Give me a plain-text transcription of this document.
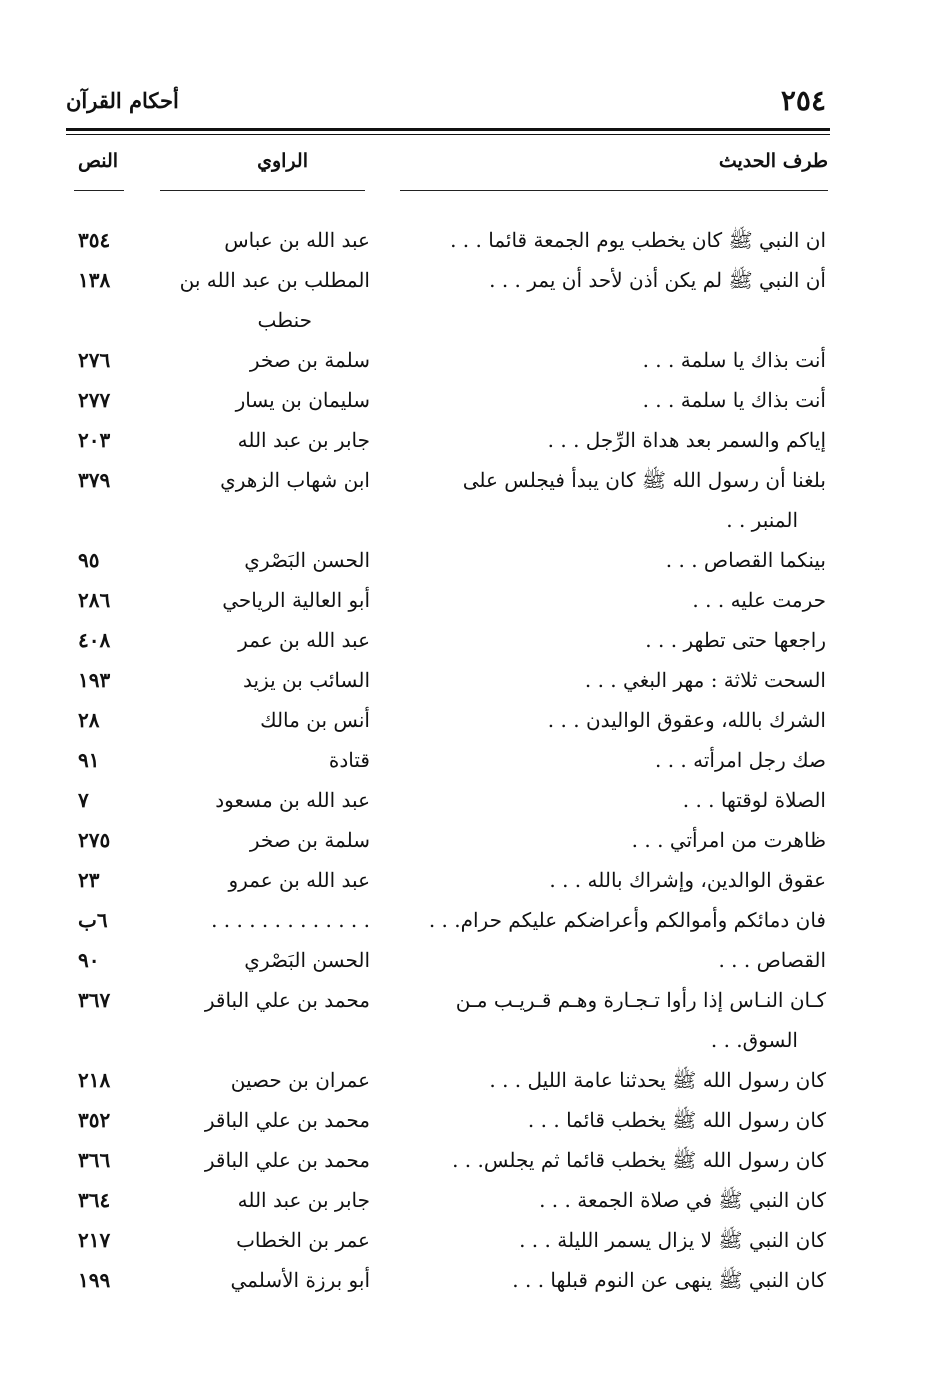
٢٥٤
أحكام القرآن
طرف الحديث
الراوي
النص
ان النبي ﷺ كان يخطب يوم الجمعة قائما . . .
عبد الله بن عباس
٣٥٤
أن النبي ﷺ لم يكن أذن لأحد أن يمر . . .
المطلب بن عبد الله بن
حنطب
١٣٨
أنت بذاك يا سلمة . . .
سلمة بن صخر
٢٧٦
أنت بذاك يا سلمة . . .
سليمان بن يسار
٢٧٧
إياكم والسمر بعد هداة الرِّجل . . .
جابر بن عبد الله
٢٠٣
بلغنا أن رسول الله ﷺ كان يبدأ فيجلس على
المنبر . .
ابن شهاب الزهري
٣٧٩
بينكما القصاص . . .
الحسن البَصْري
٩٥
حرمت عليه . . .
أبو العالية الرياحي
٢٨٦
راجعها حتى تطهر . . .
عبد الله بن عمر
٤٠٨
السحت ثلاثة : مهر البغي . . .
السائب بن يزيد
١٩٣
الشرك بالله، وعقوق الواليدن . . .
أنس بن مالك
٢٨
صك رجل امرأته . . .
قتادة
٩١
الصلاة لوقتها . . .
عبد الله بن مسعود
٧
ظاهرت من امرأتي . . .
سلمة بن صخر
٢٧٥
عقوق الوالدين، وإشراك بالله . . .
عبد الله بن عمرو
٢٣
فان دمائكم وأموالكم وأعراضكم عليكم حرام. . .
. . . . . . . . . . . . .
٦ب
القصاص . . .
الحسن البَصْري
٩٠
كـان النـاس إذا رأوا تـجـارة وهـم قـريـب مـن
السوق. . .
محمد بن علي الباقر
٣٦٧
كان رسول الله ﷺ يحدثنا عامة الليل . . .
عمران بن حصين
٢١٨
كان رسول الله ﷺ يخطب قائما . . .
محمد بن علي الباقر
٣٥٢
كان رسول الله ﷺ يخطب قائما ثم يجلس. . .
محمد بن علي الباقر
٣٦٦
كان النبي ﷺ في صلاة الجمعة . . .
جابر بن عبد الله
٣٦٤
كان النبي ﷺ لا يزال يسمر الليلة . . .
عمر بن الخطاب
٢١٧
كان النبي ﷺ ينهى عن النوم قبلها . . .
أبو برزة الأسلمي
١٩٩
